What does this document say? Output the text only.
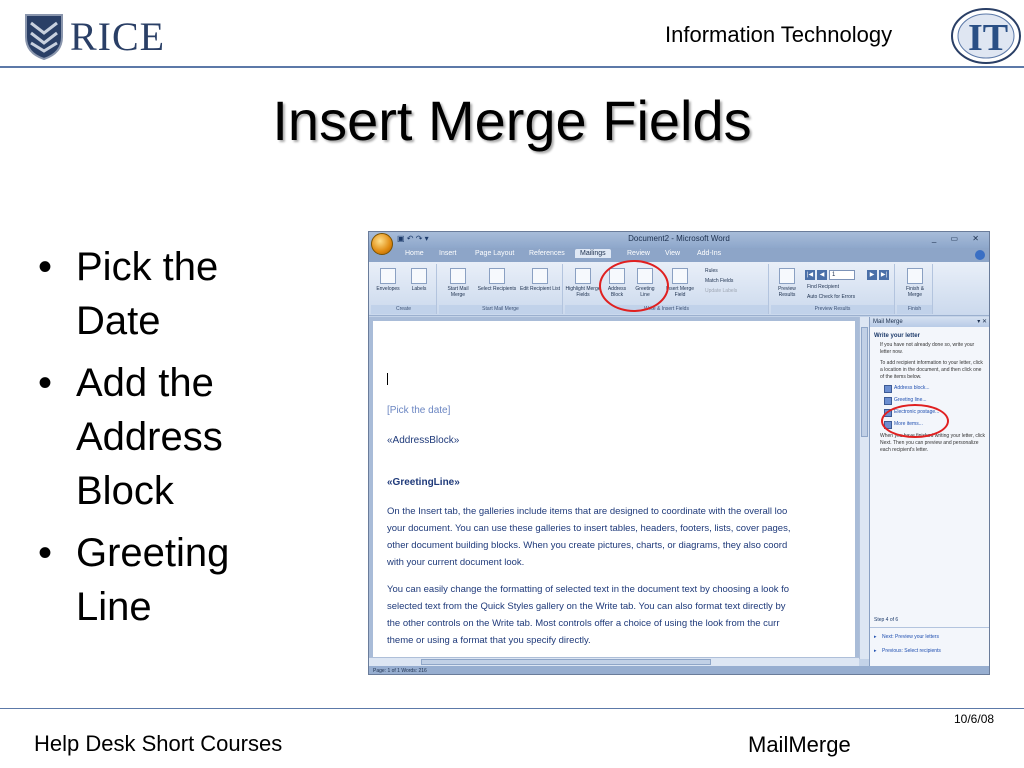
RICE	Information Technology IT
Insert Merge Fields
• Pick the Date
• Add the Address Block
• Greeting Line
▣ ↶ ↷ ▾	Document2 - Microsoft Word	_ ▭ ✕
Home Insert	Page Layout References	Mailings	Review View Add-Ins
Envelopes	Labels
Create
Start Mail Merge
Select Recipients Edit Recipient List
Start Mail Merge
Highlight Merge Fields
Address Block
Greeting Line
Insert Merge Field
Rules
Match Fields
Update Labels
Write & Insert Fields
Preview Results
|◀	◀	1	▶	▶|
Find Recipient
Auto Check for Errors
Preview Results
Finish & Merge
Finish
[Pick the date]
«AddressBlock»
«GreetingLine»
On the Insert tab, the galleries include items that are designed to coordinate with the overall loo
your document. You can use these galleries to insert tables, headers, footers, lists, cover pages,
other document building blocks. When you create pictures, charts, or diagrams, they also coord
with your current document look.
You can easily change the formatting of selected text in the document text by choosing a look fo
selected text from the Quick Styles gallery on the Write tab. You can also format text directly by
the other controls on the Write tab. Most controls offer a choice of using the look from the curr
theme or using a format that you specify directly.
Mail Merge	▾ ✕
Write your letter
If you have not already done so, write your letter now.
To add recipient information to your letter, click a location in the document, and then click one of the items below.
Address block...
Greeting line...
Electronic postage...
More items...
When you have finished writing your letter, click Next. Then you can preview and personalize each recipient's letter.
Step 4 of 6
▸ Next: Preview your letters
▸ Previous: Select recipients
Page: 1 of 1 Words: 216
10/6/08
Help Desk Short Courses	MailMerge
